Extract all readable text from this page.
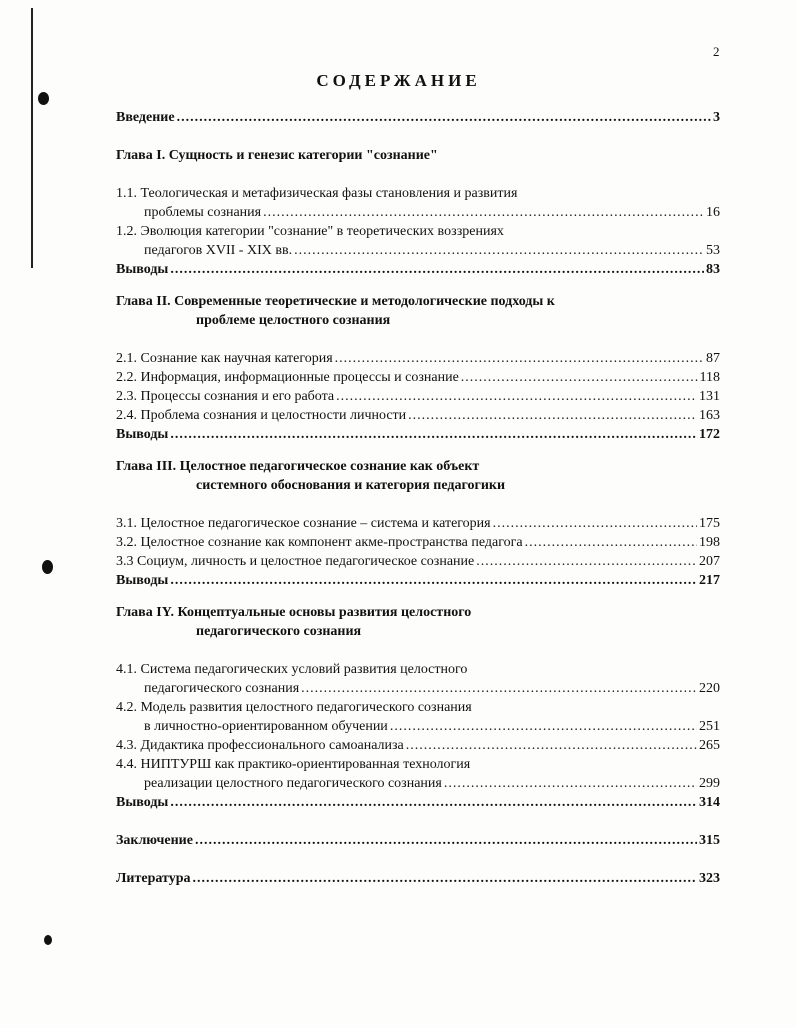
2
СОДЕРЖАНИЕ
Введение .....	3
Глава I. Сущность и генезис категории "сознание"
1.1. Теологическая и метафизическая фазы становления и развития
проблемы сознания .....	16
1.2. Эволюция категории "сознание" в теоретических воззрениях
педагогов XVII - XIX вв. .....	53
Выводы .....	83
Глава II. Современные теоретические и методологические подходы к
проблеме целостного сознания
2.1. Сознание как научная категория .....	87
2.2. Информация, информационные процессы и сознание .....	118
2.3. Процессы сознания и его работа .....	131
2.4. Проблема сознания и целостности личности .....	163
Выводы .....	172
Глава III. Целостное педагогическое сознание как объект
системного обоснования и категория педагогики
3.1. Целостное педагогическое сознание – система и категория .....	175
3.2. Целостное сознание как компонент акме-пространства педагога .....	198
3.3 Социум, личность и целостное педагогическое сознание .....	207
Выводы .....	217
Глава IY. Концептуальные основы развития целостного
педагогического сознания
4.1. Система педагогических условий развития целостного
педагогического сознания .....	220
4.2. Модель развития целостного педагогического сознания
в личностно-ориентированном обучении .....	251
4.3. Дидактика профессионального самоанализа .....	265
4.4. НИПТУРШ как практико-ориентированная технология
реализации целостного педагогического сознания .....	299
Выводы .....	314
Заключение .....	315
Литература .....	323
